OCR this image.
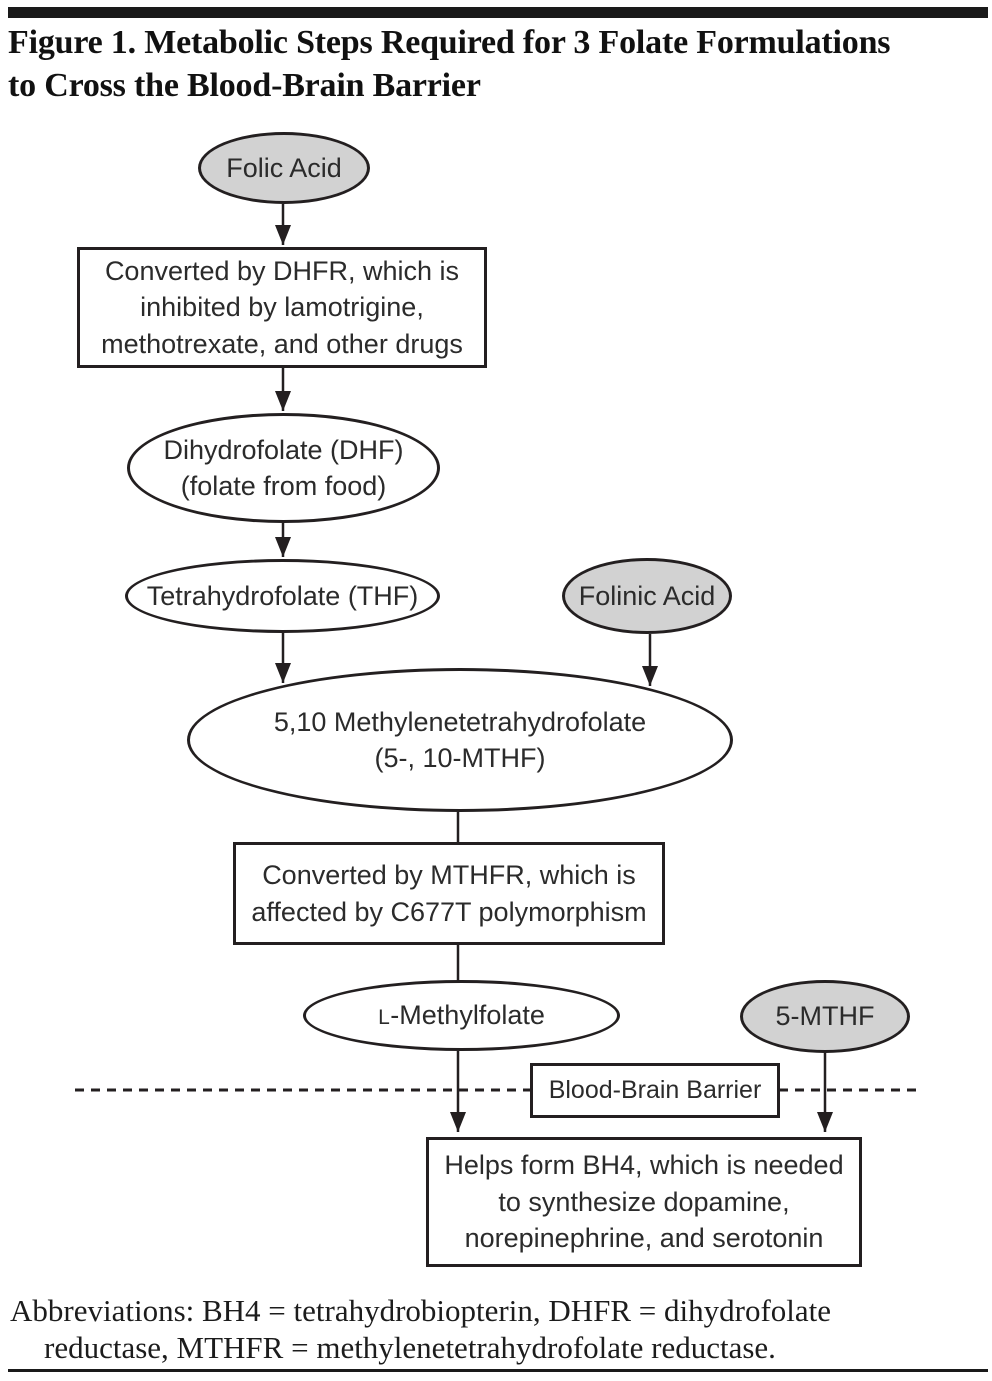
Figure 1. Metabolic Steps Required for 3 Folate Formulations
to Cross the Blood-Brain Barrier
Folic Acid
Converted by DHFR, which is
inhibited by lamotrigine,
methotrexate, and other drugs
Dihydrofolate (DHF)
(folate from food)
Tetrahydrofolate (THF)	Folinic Acid
5,10 Methylenetetrahydrofolate
(5-, 10-MTHF)
Converted by MTHFR, which is
affected by C677T polymorphism
L-Methylfolate	5-MTHF
Blood-Brain Barrier
Helps form BH4, which is needed
to synthesize dopamine,
norepinephrine, and serotonin
Abbreviations: BH4 = tetrahydrobiopterin, DHFR = dihydrofolate
reductase, MTHFR = methylenetetrahydrofolate reductase.
